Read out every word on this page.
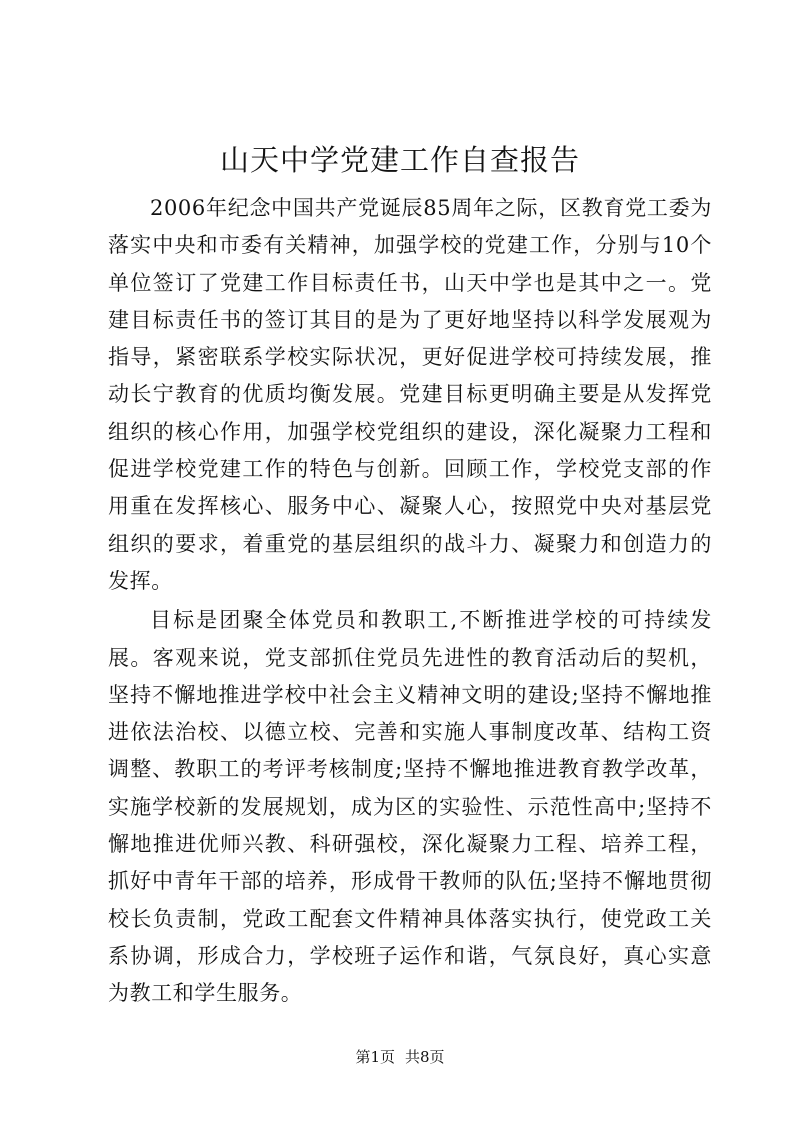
山天中学党建工作自查报告

2006年纪念中国共产党诞辰85周年之际，区教育党工委为落实中央和市委有关精神，加强学校的党建工作，分别与10个单位签订了党建工作目标责任书，山天中学也是其中之一。党建目标责任书的签订其目的是为了更好地坚持以科学发展观为指导，紧密联系学校实际状况，更好促进学校可持续发展，推动长宁教育的优质均衡发展。党建目标更明确主要是从发挥党组织的核心作用，加强学校党组织的建设，深化凝聚力工程和促进学校党建工作的特色与创新。回顾工作，学校党支部的作用重在发挥核心、服务中心、凝聚人心，按照党中央对基层党组织的要求，着重党的基层组织的战斗力、凝聚力和创造力的发挥。

目标是团聚全体党员和教职工,不断推进学校的可持续发展。客观来说，党支部抓住党员先进性的教育活动后的契机，坚持不懈地推进学校中社会主义精神文明的建设;坚持不懈地推进依法治校、以德立校、完善和实施人事制度改革、结构工资调整、教职工的考评考核制度;坚持不懈地推进教育教学改革，实施学校新的发展规划，成为区的实验性、示范性高中;坚持不懈地推进优师兴教、科研强校，深化凝聚力工程、培养工程，抓好中青年干部的培养，形成骨干教师的队伍;坚持不懈地贯彻校长负责制，党政工配套文件精神具体落实执行，使党政工关系协调，形成合力，学校班子运作和谐，气氛良好，真心实意为教工和学生服务。

第1页 共8页
